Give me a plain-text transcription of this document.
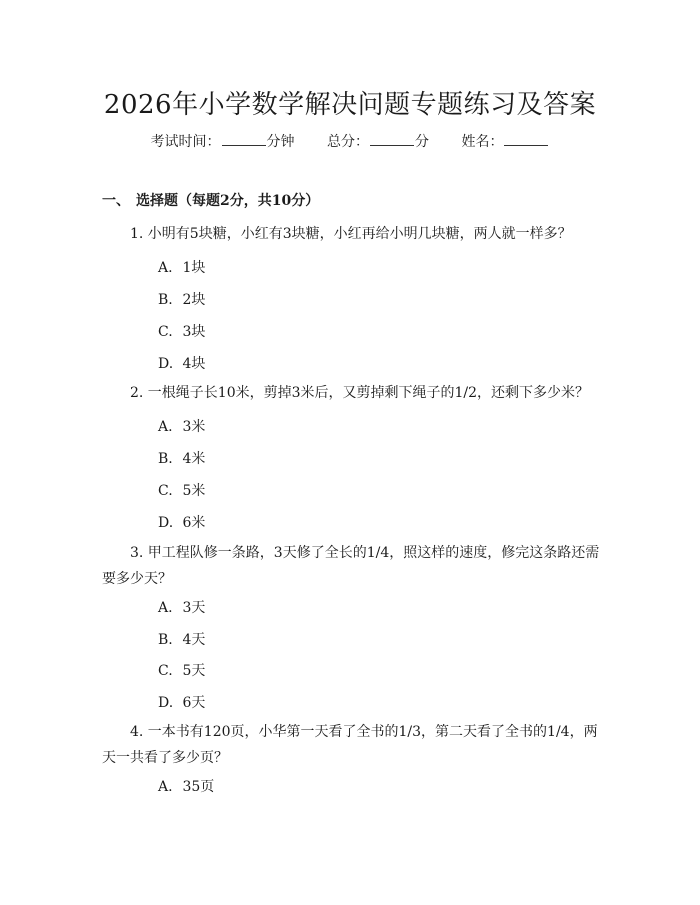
2026年小学数学解决问题专题练习及答案
考试时间：	分钟 总分：	分 姓名：
一、 选择题（每题2分，共10分）
1. 小明有5块糖，小红有3块糖，小红再给小明几块糖，两人就一样多？
A. 1块
B. 2块
C. 3块
D. 4块
2. 一根绳子长10米，剪掉3米后，又剪掉剩下绳子的1/2，还剩下多少米？
A. 3米
B. 4米
C. 5米
D. 6米
3. 甲工程队修一条路，3天修了全长的1/4，照这样的速度，修完这条路还需要多少天？
A. 3天
B. 4天
C. 5天
D. 6天
4. 一本书有120页，小华第一天看了全书的1/3，第二天看了全书的1/4，两天一共看了多少页？
A. 35页
